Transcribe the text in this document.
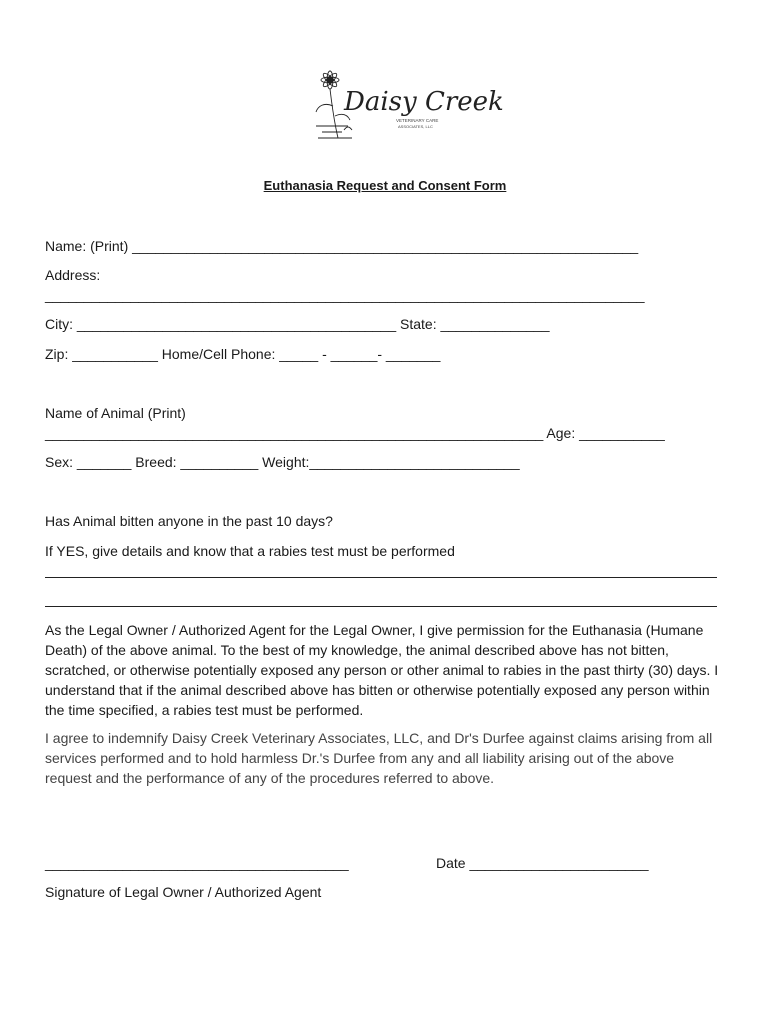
Daisy Creek
VETERINARY CARE
ASSOCIATES, LLC
Euthanasia Request and Consent Form
Name: (Print) _________________________________________________________________
Address:
_____________________________________________________________________________
City: _________________________________________ State: ______________
Zip: ___________ Home/Cell Phone: _____ - ______- _______
Name of Animal (Print)
________________________________________________________________ Age: ___________
Sex: _______ Breed: __________ Weight:___________________________
Has Animal bitten anyone in the past 10 days?
If YES, give details and know that a rabies test must be performed
As the Legal Owner / Authorized Agent for the Legal Owner, I give permission for the Euthanasia (Humane Death) of the above animal. To the best of my knowledge, the animal described above has not bitten, scratched, or otherwise potentially exposed any person or other animal to rabies in the past thirty (30) days. I understand that if the animal described above has bitten or otherwise potentially exposed any person within the time specified, a rabies test must be performed.
I agree to indemnify Daisy Creek Veterinary Associates, LLC, and Dr's Durfee against claims arising from all services performed and to hold harmless Dr.'s Durfee from any and all liability arising out of the above request and the performance of any of the procedures referred to above.
_______________________________________	Date _______________________
Signature of Legal Owner / Authorized Agent
